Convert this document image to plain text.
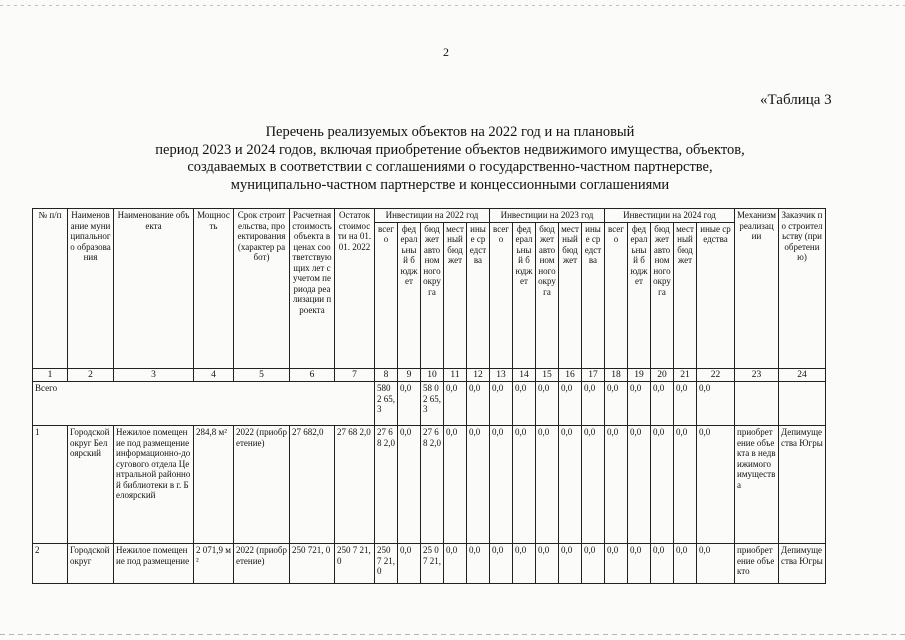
2
«Таблица 3
Перечень реализуемых объектов на 2022 год и на плановый
период 2023 и 2024 годов, включая приобретение объектов недвижимого имущества, объектов,
создаваемых в соответствии с соглашениями о государственно-частном партнерстве,
муниципально-частном партнерстве и концессионными соглашениями
№ п/п	Наименование муниципального образования	Наименование объекта	Мощность	Срок строительства, проектирования (характер работ)	Расчетная стоимость объекта в ценах соответствующих лет с учетом периода реализации проекта	Остаток стоимости на 01.01. 2022	Инвестиции на 2022 год					Инвестиции на 2023 год					Инвестиции на 2024 год					Механизм реализации	Заказчик по строительству (приобретению)
							всего	федеральный бюджет	бюджет автономного округа	местный бюджет	иные средства	всего	федеральный бюджет	бюджет автономного округа	местный бюджет	иные средства	всего	федеральный бюджет	бюджет автономного округа	местный бюджет	иные средства		
1	2	3	4	5	6	7	8	9	10	11	12	13	14	15	16	17	18	19	20	21	22	23	24
Всего							580 2 65,3	0,0	58 0 2 65, 3	0,0	0,0	0,0	0,0	0,0	0,0	0,0	0,0	0,0	0,0	0,0	0,0		
1	Городской округ Белоярский	Нежилое помещение под размещение информационно-досугового отдела Центральной районной библиотеки в г. Белоярский	284,8 м²	2022 (приобретение)	27 682,0	27 68 2,0	27 68 2,0	0,0	27 68 2,0	0,0	0,0	0,0	0,0	0,0	0,0	0,0	0,0	0,0	0,0	0,0	0,0	приобретение объекта в недвижимого имущества	Депимущества Югры
2	Городской округ	Нежилое помещение под размещение	2 071,9 м²	2022 (приобретение)	250 721, 0	250 7 21,0	250 7 21,0	0,0	25 0 7 21,	0,0	0,0	0,0	0,0	0,0	0,0	0,0	0,0	0,0	0,0	0,0	0,0	приобретение объекто	Депимущества Югры
